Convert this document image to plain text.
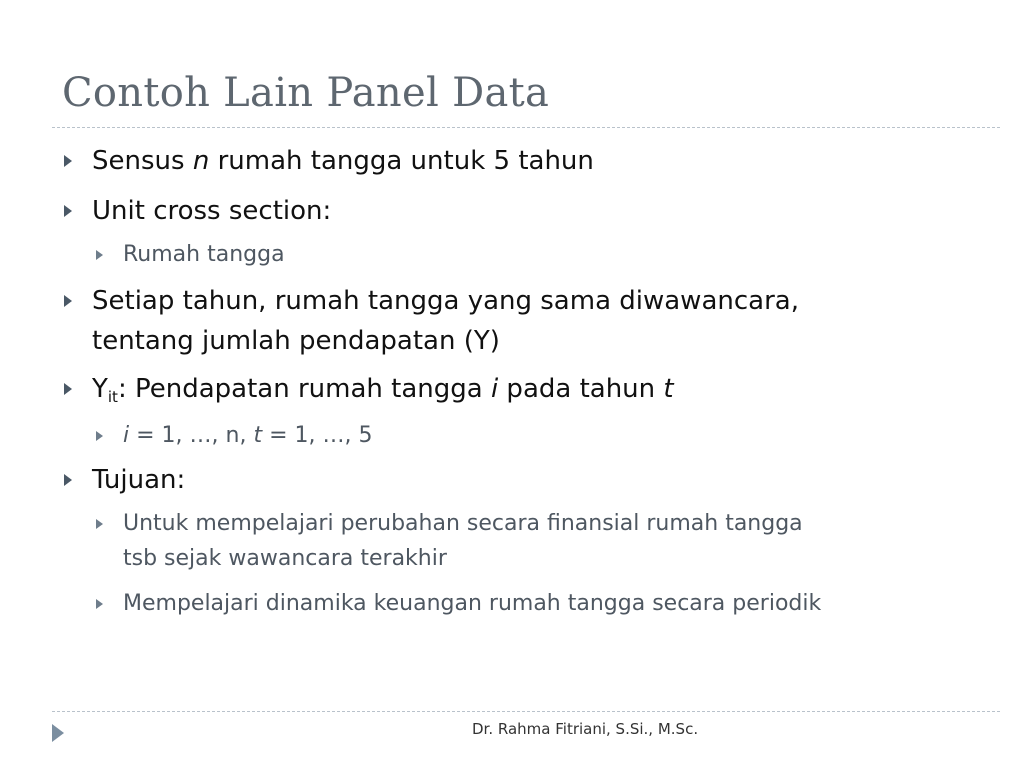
Contoh Lain Panel Data
Sensus n rumah tangga untuk 5 tahun
Unit cross section:
Rumah tangga
Setiap tahun, rumah tangga yang sama diwawancara,
tentang jumlah pendapatan (Y)
$Y_{it}$: Pendapatan rumah tangga i pada tahun t
i = 1, …, n, t = 1, …, 5
Tujuan:
Untuk mempelajari perubahan secara finansial rumah tangga
tsb sejak wawancara terakhir
Mempelajari dinamika keuangan rumah tangga secara periodik
Dr. Rahma Fitriani, S.Si., M.Sc.
